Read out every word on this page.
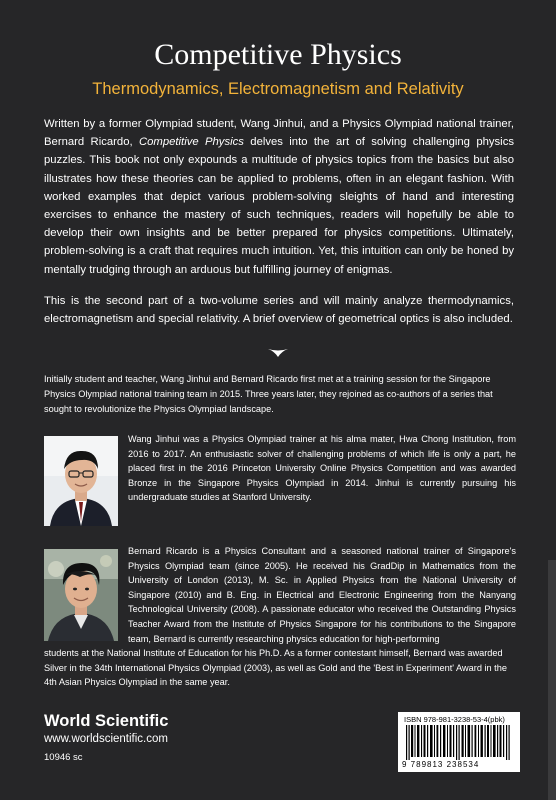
Competitive Physics
Thermodynamics, Electromagnetism and Relativity

Written by a former Olympiad student, Wang Jinhui, and a Physics Olympiad national trainer, Bernard Ricardo, Competitive Physics delves into the art of solving challenging physics puzzles. This book not only expounds a multitude of physics topics from the basics but also illustrates how these theories can be applied to problems, often in an elegant fashion. With worked examples that depict various problem-solving sleights of hand and interesting exercises to enhance the mastery of such techniques, readers will hopefully be able to develop their own insights and be better prepared for physics competitions. Ultimately, problem-solving is a craft that requires much intuition. Yet, this intuition can only be honed by mentally trudging through an arduous but fulfilling journey of enigmas.

This is the second part of a two-volume series and will mainly analyze thermodynamics, electromagnetism and special relativity. A brief overview of geometrical optics is also included.

Initially student and teacher, Wang Jinhui and Bernard Ricardo first met at a training session for the Singapore Physics Olympiad national training team in 2015. Three years later, they rejoined as co-authors of a series that sought to revolutionize the Physics Olympiad landscape.

Wang Jinhui was a Physics Olympiad trainer at his alma mater, Hwa Chong Institution, from 2016 to 2017. An enthusiastic solver of challenging problems of which life is only a part, he placed first in the 2016 Princeton University Online Physics Competition and was awarded Bronze in the Singapore Physics Olympiad in 2014. Jinhui is currently pursuing his undergraduate studies at Stanford University.

Bernard Ricardo is a Physics Consultant and a seasoned national trainer of Singapore's Physics Olympiad team (since 2005). He received his GradDip in Mathematics from the University of London (2013), M. Sc. in Applied Physics from the National University of Singapore (2010) and B. Eng. in Electrical and Electronic Engineering from the Nanyang Technological University (2008). A passionate educator who received the Outstanding Physics Teacher Award from the Institute of Physics Singapore for his contributions to the Singapore team, Bernard is currently researching physics education for high-performing

students at the National Institute of Education for his Ph.D. As a former contestant himself, Bernard was awarded Silver in the 34th International Physics Olympiad (2003), as well as Gold and the 'Best in Experiment' Award in the 4th Asian Physics Olympiad in the same year.

World Scientific
www.worldscientific.com
10946 sc
ISBN 978-981-3238-53-4(pbk)
9 789813 238534
